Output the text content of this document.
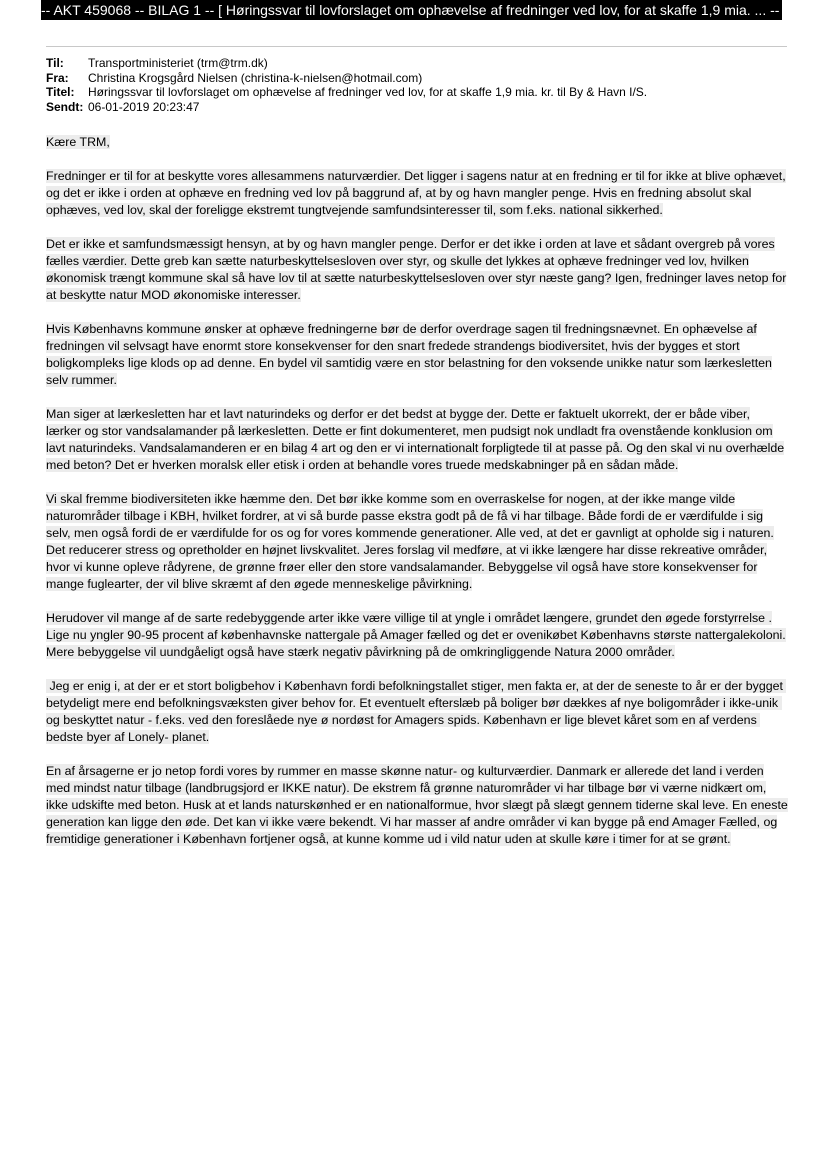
-- AKT 459068 -- BILAG 1 -- [ Høringssvar til lovforslaget om ophævelse af fredninger ved lov, for at skaffe 1,9 mia. ... --
Til:	Transportministeriet (trm@trm.dk)
Fra:	Christina Krogsgård Nielsen (christina-k-nielsen@hotmail.com)
Titel:	Høringssvar til lovforslaget om ophævelse af fredninger ved lov, for at skaffe 1,9 mia. kr. til By & Havn I/S.
Sendt: 06-01-2019 20:23:47

Kære TRM,

Fredninger er til for at beskytte vores allesammens naturværdier. Det ligger i sagens natur at en fredning er til for ikke at blive ophævet, og det er ikke i orden at ophæve en fredning ved lov på baggrund af, at by og havn mangler penge. Hvis en fredning absolut skal ophæves, ved lov, skal der foreligge ekstremt tungtvejende samfundsinteresser til, som f.eks. national sikkerhed.

Det er ikke et samfundsmæssigt hensyn, at by og havn mangler penge. Derfor er det ikke i orden at lave et sådant overgreb på vores fælles værdier. Dette greb kan sætte naturbeskyttelsesloven over styr, og skulle det lykkes at ophæve fredninger ved lov, hvilken økonomisk trængt kommune skal så have lov til at sætte naturbeskyttelsesloven over styr næste gang? Igen, fredninger laves netop for at beskytte natur MOD økonomiske interesser.

Hvis Københavns kommune ønsker at ophæve fredningerne bør de derfor overdrage sagen til fredningsnævnet. En ophævelse af fredningen vil selvsagt have enormt store konsekvenser for den snart fredede strandengs biodiversitet, hvis der bygges et stort boligkompleks lige klods op ad denne. En bydel vil samtidig være en stor belastning for den voksende unikke natur som lærkesletten selv rummer.

Man siger at lærkesletten har et lavt naturindeks og derfor er det bedst at bygge der. Dette er faktuelt ukorrekt, der er både viber, lærker og stor vandsalamander på lærkesletten. Dette er fint dokumenteret, men pudsigt nok undladt fra ovenstående konklusion om lavt naturindeks. Vandsalamanderen er en bilag 4 art og den er vi internationalt forpligtede til at passe på. Og den skal vi nu overhælde med beton? Det er hverken moralsk eller etisk i orden at behandle vores truede medskabninger på en sådan måde.

Vi skal fremme biodiversiteten ikke hæmme den. Det bør ikke komme som en overraskelse for nogen, at der ikke mange vilde naturområder tilbage i KBH, hvilket fordrer, at vi så burde passe ekstra godt på de få vi har tilbage. Både fordi de er værdifulde i sig selv, men også fordi de er værdifulde for os og for vores kommende generationer. Alle ved, at det er gavnligt at opholde sig i naturen. Det reducerer stress og opretholder en højnet livskvalitet. Jeres forslag vil medføre, at vi ikke længere har disse rekreative områder, hvor vi kunne opleve rådyrene, de grønne frøer eller den store vandsalamander. Bebyggelse vil også have store konsekvenser for mange fuglearter, der vil blive skræmt af den øgede menneskelige påvirkning.

Herudover vil mange af de sarte redebyggende arter ikke være villige til at yngle i området længere, grundet den øgede forstyrrelse . Lige nu yngler 90-95 procent af københavnske nattergale på Amager fælled og det er ovenikøbet Københavns største nattergalekoloni. Mere bebyggelse vil uundgåeligt også have stærk negativ påvirkning på de omkringliggende Natura 2000 områder.

Jeg er enig i, at der er et stort boligbehov i København fordi befolkningstallet stiger, men fakta er, at der de seneste to år er der bygget betydeligt mere end befolkningsvæksten giver behov for. Et eventuelt efterslæb på boliger bør dækkes af nye boligområder i ikke-unik og beskyttet natur - f.eks. ved den foreslåede nye ø nordøst for Amagers spids. København er lige blevet kåret som en af verdens bedste byer af Lonely- planet.

En af årsagerne er jo netop fordi vores by rummer en masse skønne natur- og kulturværdier. Danmark er allerede det land i verden med mindst natur tilbage (landbrugsjord er IKKE natur). De ekstrem få grønne naturområder vi har tilbage bør vi værne nidkært om, ikke udskifte med beton. Husk at et lands naturskønhed er en nationalformue, hvor slægt på slægt gennem tiderne skal leve. En eneste generation kan ligge den øde. Det kan vi ikke være bekendt. Vi har masser af andre områder vi kan bygge på end Amager Fælled, og fremtidige generationer i København fortjener også, at kunne komme ud i vild natur uden at skulle køre i timer for at se grønt.
